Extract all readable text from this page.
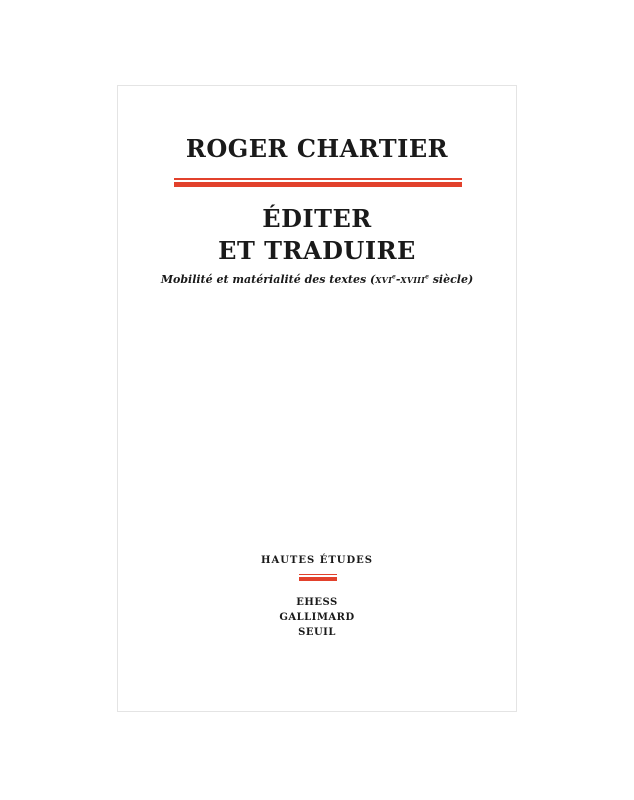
ROGER CHARTIER
ÉDITER
ET TRADUIRE
Mobilité et matérialité des textes (XVIe-XVIIIe siècle)
HAUTES ÉTUDES
EHESS
GALLIMARD
SEUIL
